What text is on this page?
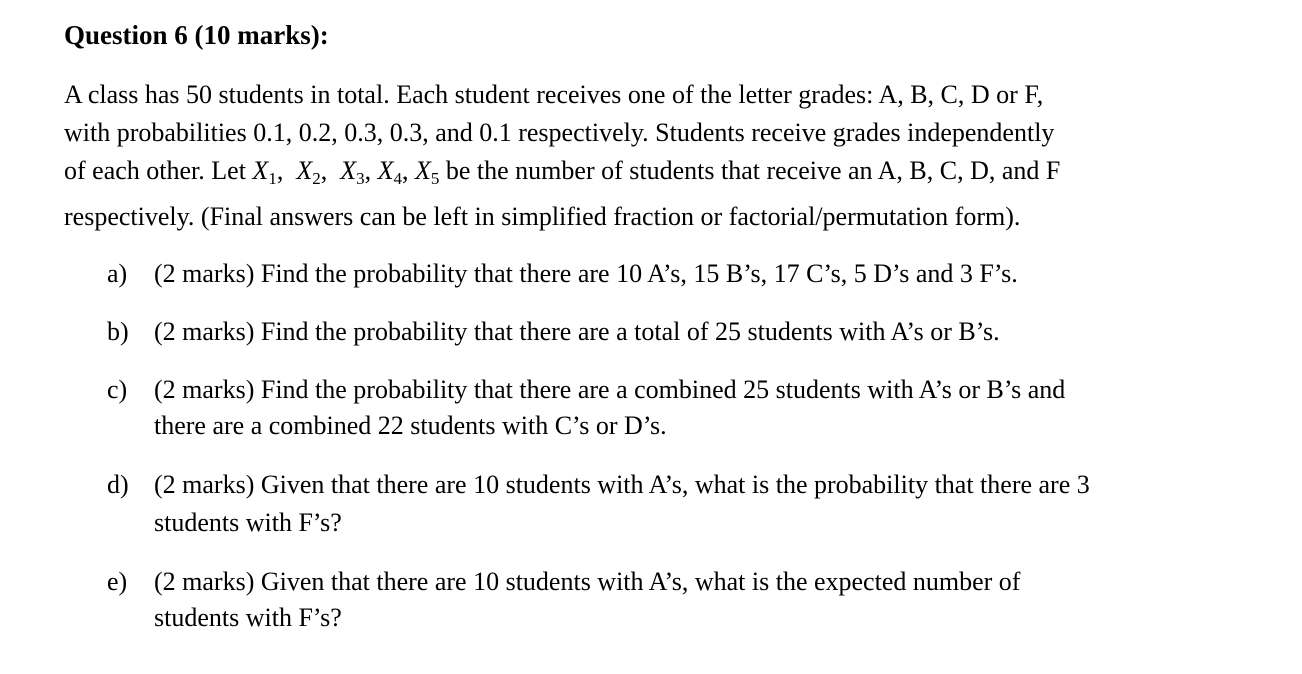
Question 6 (10 marks):
A class has 50 students in total. Each student receives one of the letter grades: A, B, C, D or F,
with probabilities 0.1, 0.2, 0.3, 0.3, and 0.1 respectively. Students receive grades independently
of each other. Let $X_1$,  $X_2$,  $X_3$, $X_4$, $X_5$ be the number of students that receive an A, B, C, D, and F
respectively. (Final answers can be left in simplified fraction or factorial/permutation form).
a) (2 marks) Find the probability that there are 10 A’s, 15 B’s, 17 C’s, 5 D’s and 3 F’s.
b) (2 marks) Find the probability that there are a total of 25 students with A’s or B’s.
c) (2 marks) Find the probability that there are a combined 25 students with A’s or B’s and
there are a combined 22 students with C’s or D’s.
d) (2 marks) Given that there are 10 students with A’s, what is the probability that there are 3
students with F’s?
e) (2 marks) Given that there are 10 students with A’s, what is the expected number of
students with F’s?
